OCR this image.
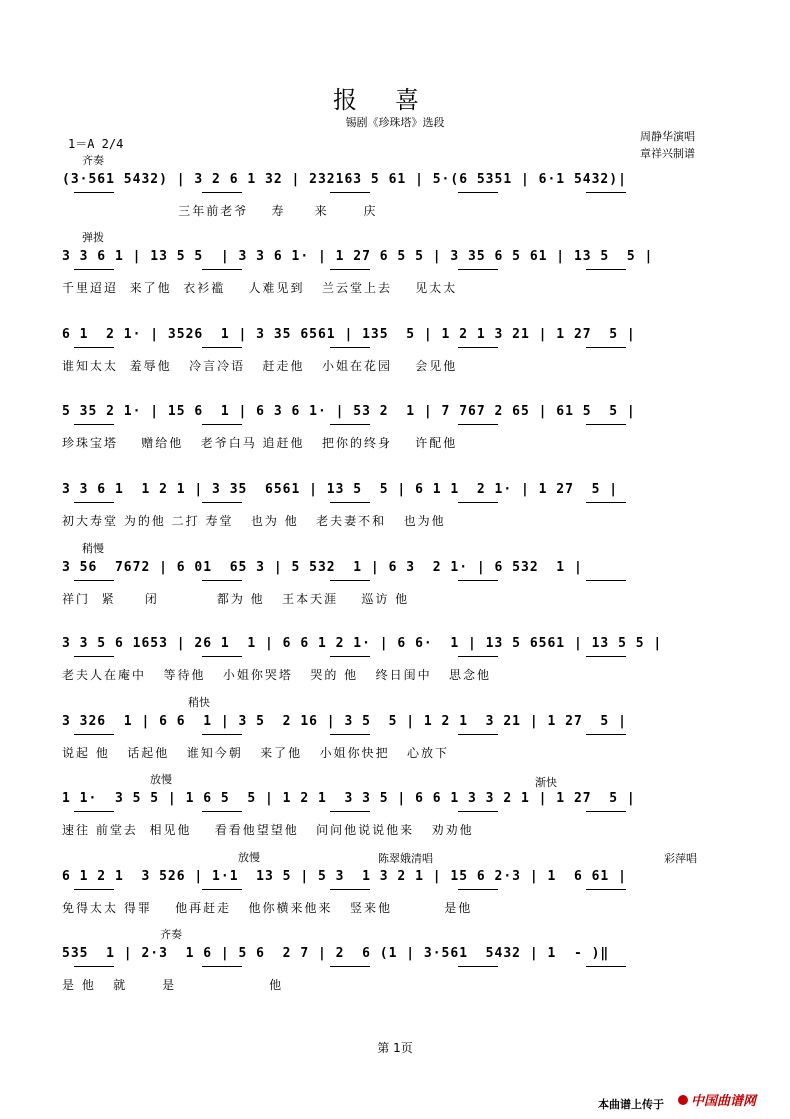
报喜
锡剧《珍珠塔》选段
1＝A 2/4
周静华演唱
章祥兴制谱
(3·561 5432) | 3 2 6 1 32 | 232163 5 61 | 5·(6 5351 | 6·1 5432)|
三年前老爷    寿     来      庆
齐奏
3 3 6 1 | 13 5 5  | 3 3 6 1· | 1 27 6 5 5 | 3 35 6 5 61 | 13 5  5 |
千里迢迢  来了他  衣衫褴    人难见到   兰云堂上去    见太太
弹拨
6 1  2 1· | 3526  1 | 3 35 6561 | 135  5 | 1 2 1 3 21 | 1 27  5 |
谁知太太  羞辱他   冷言冷语   赶走他   小姐在花园    会见他
5 35 2 1· | 15 6  1 | 6 3 6 1· | 53 2  1 | 7 767 2 65 | 61 5  5 |
珍珠宝塔    赠给他   老爷白马 追赶他   把你的终身    许配他
3 3 6 1  1 2 1 | 3 35  6561 | 13 5  5 | 6 1 1  2 1· | 1 27  5 |
初大寿堂 为的他 二打 寿堂   也为 他   老夫妻不和   也为他
3 56  7672 | 6 01  65 3 | 5 532  1 | 6 3  2 1· | 6 532  1 |
祥门  紧     闭          都为 他   王本天涯    巡访 他
稍慢
3 3 5 6 1653 | 26 1  1 | 6 6 1 2 1· | 6 6·  1 | 13 5 6561 | 13 5 5 |
老夫人在庵中   等待他   小姐你哭塔   哭的 他   终日闺中   思念他
3 326  1 | 6 6  1 | 3 5  2 16 | 3 5  5 | 1 2 1  3 21 | 1 27  5 |
说起 他   话起他   谁知今朝   来了他   小姐你快把   心放下
稍快
1 1·  3 5 5 | 1 6 5  5 | 1 2 1  3 3 5 | 6 6 1 3 3 2 1 | 1 27  5 |
速往 前堂去  相见他    看看他望望他   问问他说说他来   劝劝他
放慢
6 1 2 1  3 526 | 1·1  13 5 | 5 3  1 3 2 1 | 15 6 2·3 | 1  6 61 |
免得太太 得罪    他再赶走   他你横来他来   竖来他         是他
放慢
535  1 | 2·3  1 6 | 5 6  2 7 | 2  6 (1 | 3·561  5432 | 1  - )‖
是 他   就      是                他
齐奏
渐快
陈翠娥清唱	彩萍唱
第 1页
本曲谱上传于	中国曲谱网
